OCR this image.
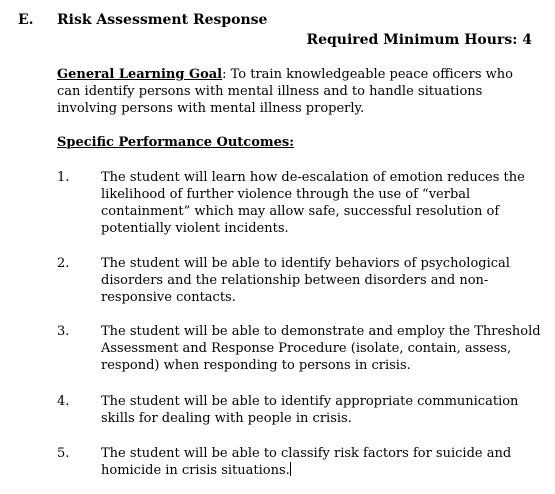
E. Risk Assessment Response
Required Minimum Hours: 4
General Learning Goal: To train knowledgeable peace officers who can identify persons with mental illness and to handle situations involving persons with mental illness properly.
Specific Performance Outcomes:
1. The student will learn how de-escalation of emotion reduces the likelihood of further violence through the use of “verbal containment” which may allow safe, successful resolution of potentially violent incidents.
2. The student will be able to identify behaviors of psychological disorders and the relationship between disorders and non-responsive contacts.
3. The student will be able to demonstrate and employ the Threshold Assessment and Response Procedure (isolate, contain, assess, respond) when responding to persons in crisis.
4. The student will be able to identify appropriate communication skills for dealing with people in crisis.
5. The student will be able to classify risk factors for suicide and homicide in crisis situations.
